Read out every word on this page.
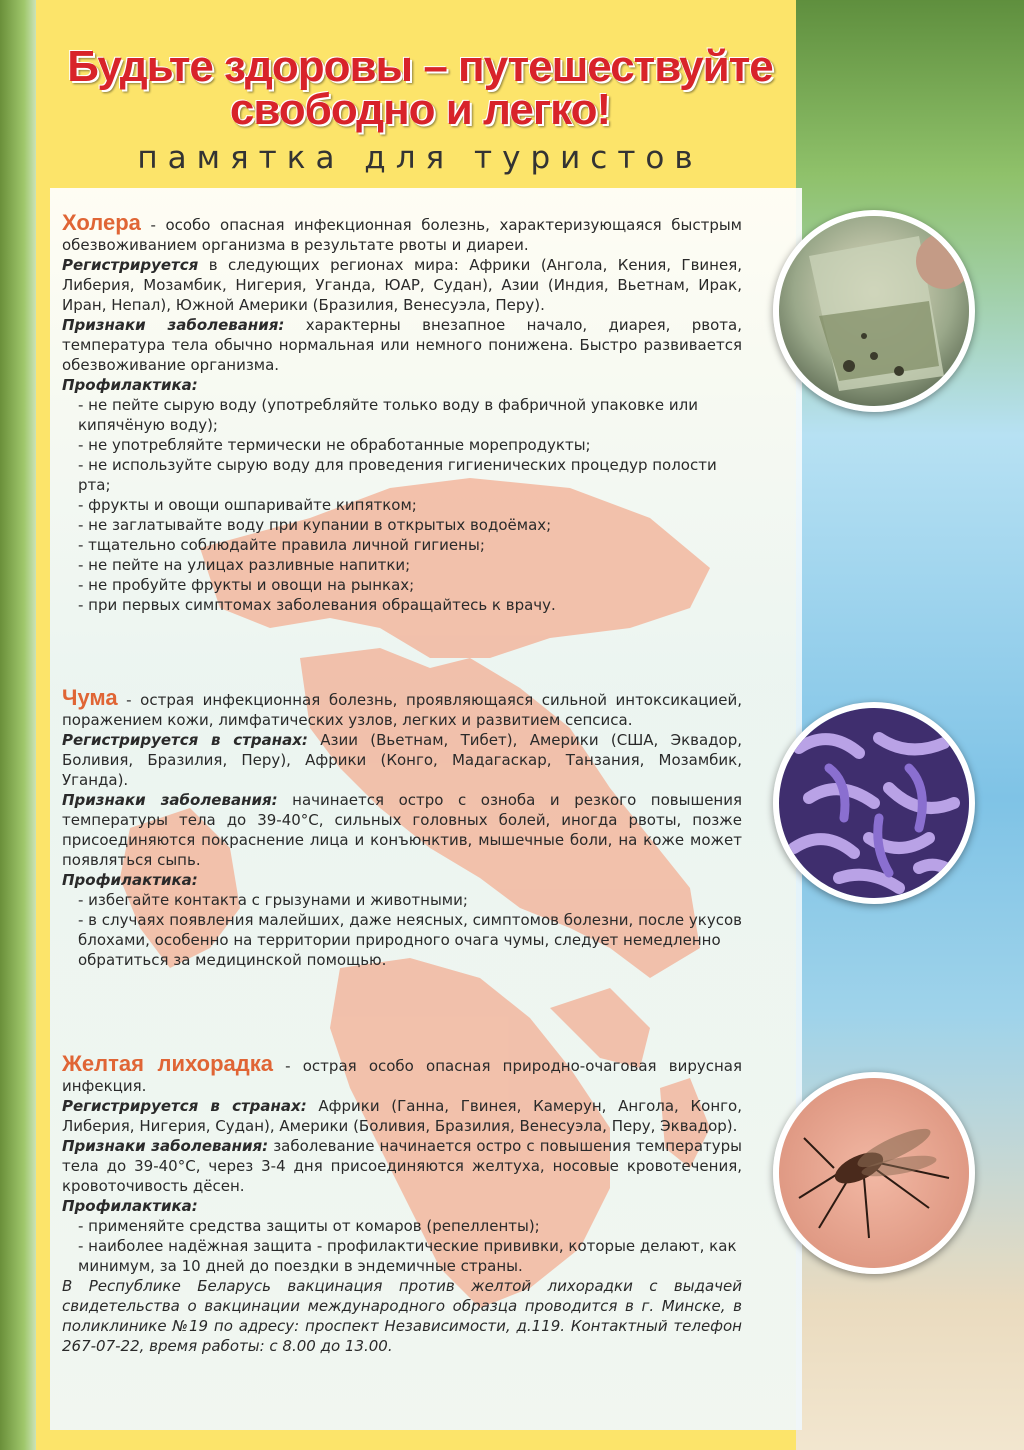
Будьте здоровы – путешествуйте
свободно и легко!
памятка для туристов

Холера - особо опасная инфекционная болезнь, характеризующаяся быстрым обезвоживанием организма в результате рвоты и диареи.

Регистрируется в следующих регионах мира: Африки (Ангола, Кения, Гвинея, Либерия, Мозамбик, Нигерия, Уганда, ЮАР, Судан), Азии (Индия, Вьетнам, Ирак, Иран, Непал), Южной Америки (Бразилия, Венесуэла, Перу).

Признаки заболевания: характерны внезапное начало, диарея, рвота, температура тела обычно нормальная или немного понижена. Быстро развивается обезвоживание организма.

Профилактика:

- не пейте сырую воду (употребляйте только воду в фабричной упаковке или кипячёную воду);
- не употребляйте термически не обработанные морепродукты;
- не используйте сырую воду для проведения гигиенических процедур полости рта;
- фрукты и овощи ошпаривайте кипятком;
- не заглатывайте воду при купании в открытых водоёмах;
- тщательно соблюдайте правила личной гигиены;
- не пейте на улицах разливные напитки;
- не пробуйте фрукты и овощи на рынках;
- при первых симптомах заболевания обращайтесь к врачу.

Чума - острая инфекционная болезнь, проявляющаяся сильной интоксикацией, поражением кожи, лимфатических узлов, легких и развитием сепсиса.

Регистрируется в странах: Азии (Вьетнам, Тибет), Америки (США, Эквадор, Боливия, Бразилия, Перу), Африки (Конго, Мадагаскар, Танзания, Мозамбик, Уганда).

Признаки заболевания: начинается остро с озноба и резкого повышения температуры тела до 39-40°С, сильных головных болей, иногда рвоты, позже присоединяются покраснение лица и конъюнктив, мышечные боли, на коже может появляться сыпь.

Профилактика:

- избегайте контакта с грызунами и животными;
- в случаях появления малейших, даже неясных, симптомов болезни, после укусов блохами, особенно на территории природного очага чумы, следует немедленно обратиться за медицинской помощью.

Желтая лихорадка - острая особо опасная природно-очаговая вирусная инфекция.

Регистрируется в странах: Африки (Ганна, Гвинея, Камерун, Ангола, Конго, Либерия, Нигерия, Судан), Америки (Боливия, Бразилия, Венесуэла, Перу, Эквадор).

Признаки заболевания: заболевание начинается остро с повышения температуры тела до 39-40°С, через 3-4 дня присоединяются желтуха, носовые кровотечения, кровоточивость дёсен.

Профилактика:

- применяйте средства защиты от комаров (репелленты);
- наиболее надёжная защита - профилактические прививки, которые делают, как минимум, за 10 дней до поездки в эндемичные страны.

В Республике Беларусь вакцинация против желтой лихорадки с выдачей свидетельства о вакцинации международного образца проводится в г. Минске, в поликлинике №19 по адресу: проспект Независимости, д.119. Контактный телефон 267-07-22, время работы: с 8.00 до 13.00.
